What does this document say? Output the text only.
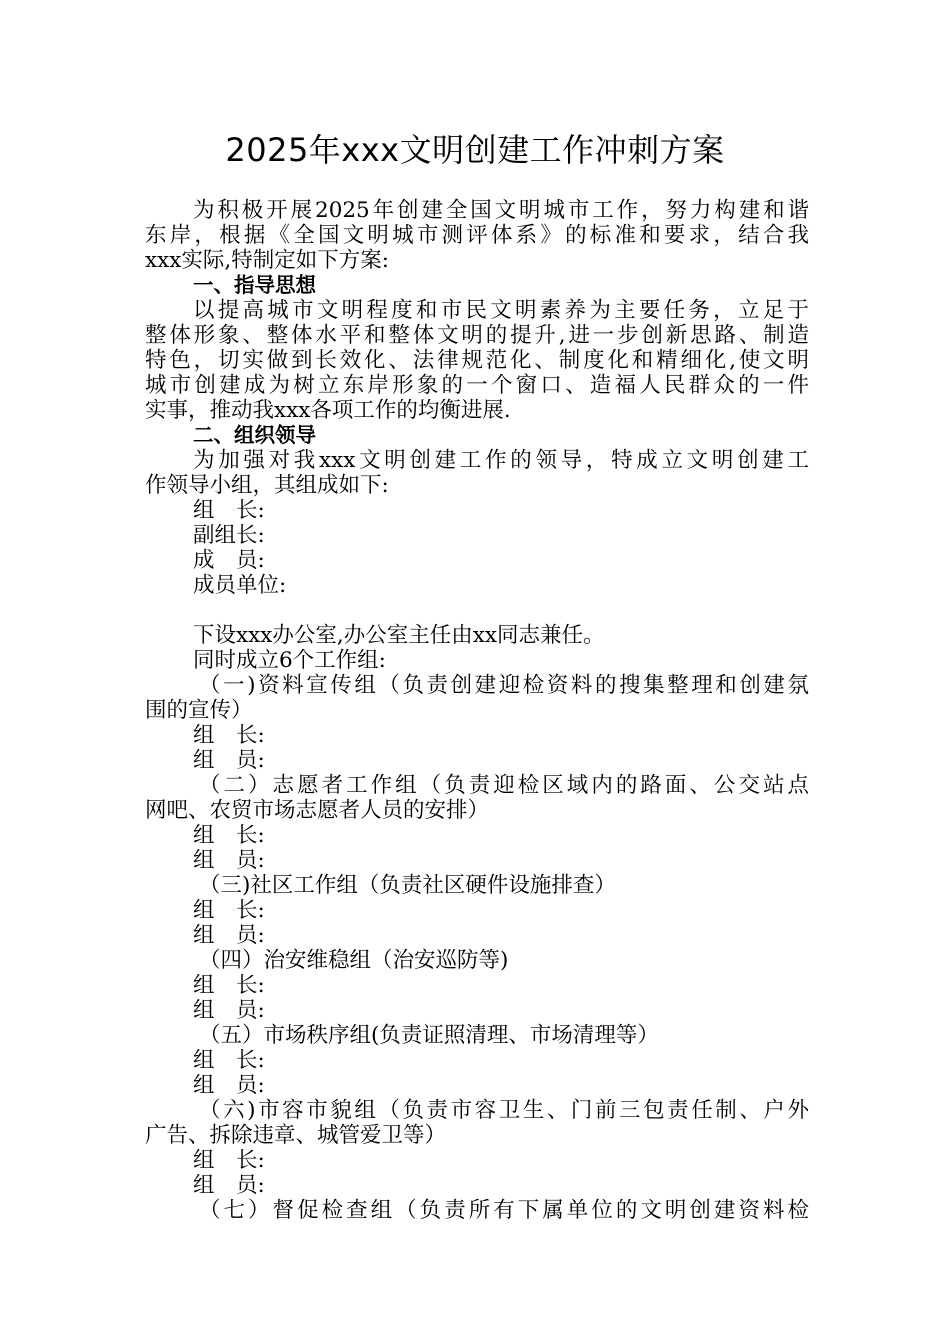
2025年xxx文明创建工作冲刺方案
为积极开展2025年创建全国文明城市工作，努力构建和谐
东岸，根据《全国文明城市测评体系》的标准和要求，结合我
xxx实际,特制定如下方案:
一、指导思想
以提高城市文明程度和市民文明素养为主要任务，立足于
整体形象、整体水平和整体文明的提升,进一步创新思路、制造
特色，切实做到长效化、法律规范化、制度化和精细化,使文明
城市创建成为树立东岸形象的一个窗口、造福人民群众的一件
实事，推动我xxx各项工作的均衡进展.
二、组织领导
为加强对我xxx文明创建工作的领导，特成立文明创建工
作领导小组，其组成如下:
组　长:
副组长:
成　员:
成员单位:
下设xxx办公室,办公室主任由xx同志兼任。
同时成立6个工作组:
（一)资料宣传组（负责创建迎检资料的搜集整理和创建氛
围的宣传）
组　长:
组　员:
（二）志愿者工作组（负责迎检区域内的路面、公交站点
网吧、农贸市场志愿者人员的安排）
组　长:
组　员:
（三)社区工作组（负责社区硬件设施排查）
组　长:
组　员:
（四）治安维稳组（治安巡防等)
组　长:
组　员:
（五）市场秩序组(负责证照清理、市场清理等）
组　长:
组　员:
（六)市容市貌组（负责市容卫生、门前三包责任制、户外
广告、拆除违章、城管爱卫等）
组　长:
组　员:
（七）督促检查组（负责所有下属单位的文明创建资料检
